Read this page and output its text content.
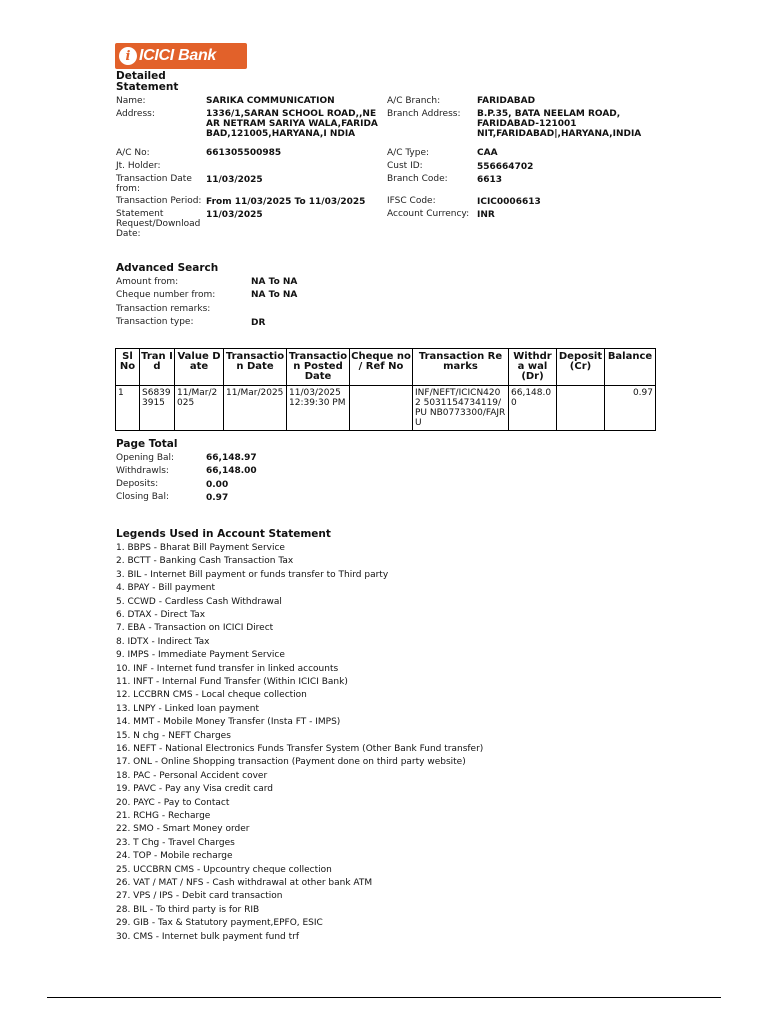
i ICICI Bank
Detailed Statement
Name:	SARIKA COMMUNICATION
Address:	1336/1,SARAN SCHOOL ROAD,,NEAR NETRAM SARIYA WALA,FARIDABAD,121005,HARYANA,I NDIA
A/C No:	661305500985
Jt. Holder:
Transaction Date from:
11/03/2025
Transaction Period: From 11/03/2025 To 11/03/2025
Statement Request/Download Date:
11/03/2025
A/C Branch:	FARIDABAD
Branch Address: B.P.35, BATA NEELAM ROAD, FARIDABAD-121001 NIT,FARIDABAD|,HARYANA,INDIA
A/C Type:	CAA
Cust ID:	556664702
Branch Code:	6613
IFSC Code:	ICIC0006613
Account Currency: INR
Advanced Search
Amount from:	NA To NA
Cheque number from:	NA To NA
Transaction remarks:
Transaction type:	DR
Sl No	Tran Id	Value Date	Transaction Date	Transaction Posted Date	Cheque no / Ref No	Transaction Remarks	Withdra wal (Dr)	Deposit (Cr)	Balance
1	S6839 3915	11/Mar/2 025	11/Mar/2025	11/03/2025 12:39:30 PM		INF/NEFT/ICICN4202 5031154734119/PU NB0773300/FAJRU	66,148.00		0.97
Page Total
Opening Bal:	66,148.97
Withdrawls:	66,148.00
Deposits:	0.00
Closing Bal:	0.97
Legends Used in Account Statement
1. BBPS - Bharat Bill Payment Service
2. BCTT - Banking Cash Transaction Tax
3. BIL - Internet Bill payment or funds transfer to Third party
4. BPAY - Bill payment
5. CCWD - Cardless Cash Withdrawal
6. DTAX - Direct Tax
7. EBA - Transaction on ICICI Direct
8. IDTX - Indirect Tax
9. IMPS - Immediate Payment Service
10. INF - Internet fund transfer in linked accounts
11. INFT - Internal Fund Transfer (Within ICICI Bank)
12. LCCBRN CMS - Local cheque collection
13. LNPY - Linked loan payment
14. MMT - Mobile Money Transfer (Insta FT - IMPS)
15. N chg - NEFT Charges
16. NEFT - National Electronics Funds Transfer System (Other Bank Fund transfer)
17. ONL - Online Shopping transaction (Payment done on third party website)
18. PAC - Personal Accident cover
19. PAVC - Pay any Visa credit card
20. PAYC - Pay to Contact
21. RCHG - Recharge
22. SMO - Smart Money order
23. T Chg - Travel Charges
24. TOP - Mobile recharge
25. UCCBRN CMS - Upcountry cheque collection
26. VAT / MAT / NFS - Cash withdrawal at other bank ATM
27. VPS / IPS - Debit card transaction
28. BIL - To third party is for RIB
29. GIB - Tax & Statutory payment,EPFO, ESIC
30. CMS - Internet bulk payment fund trf
